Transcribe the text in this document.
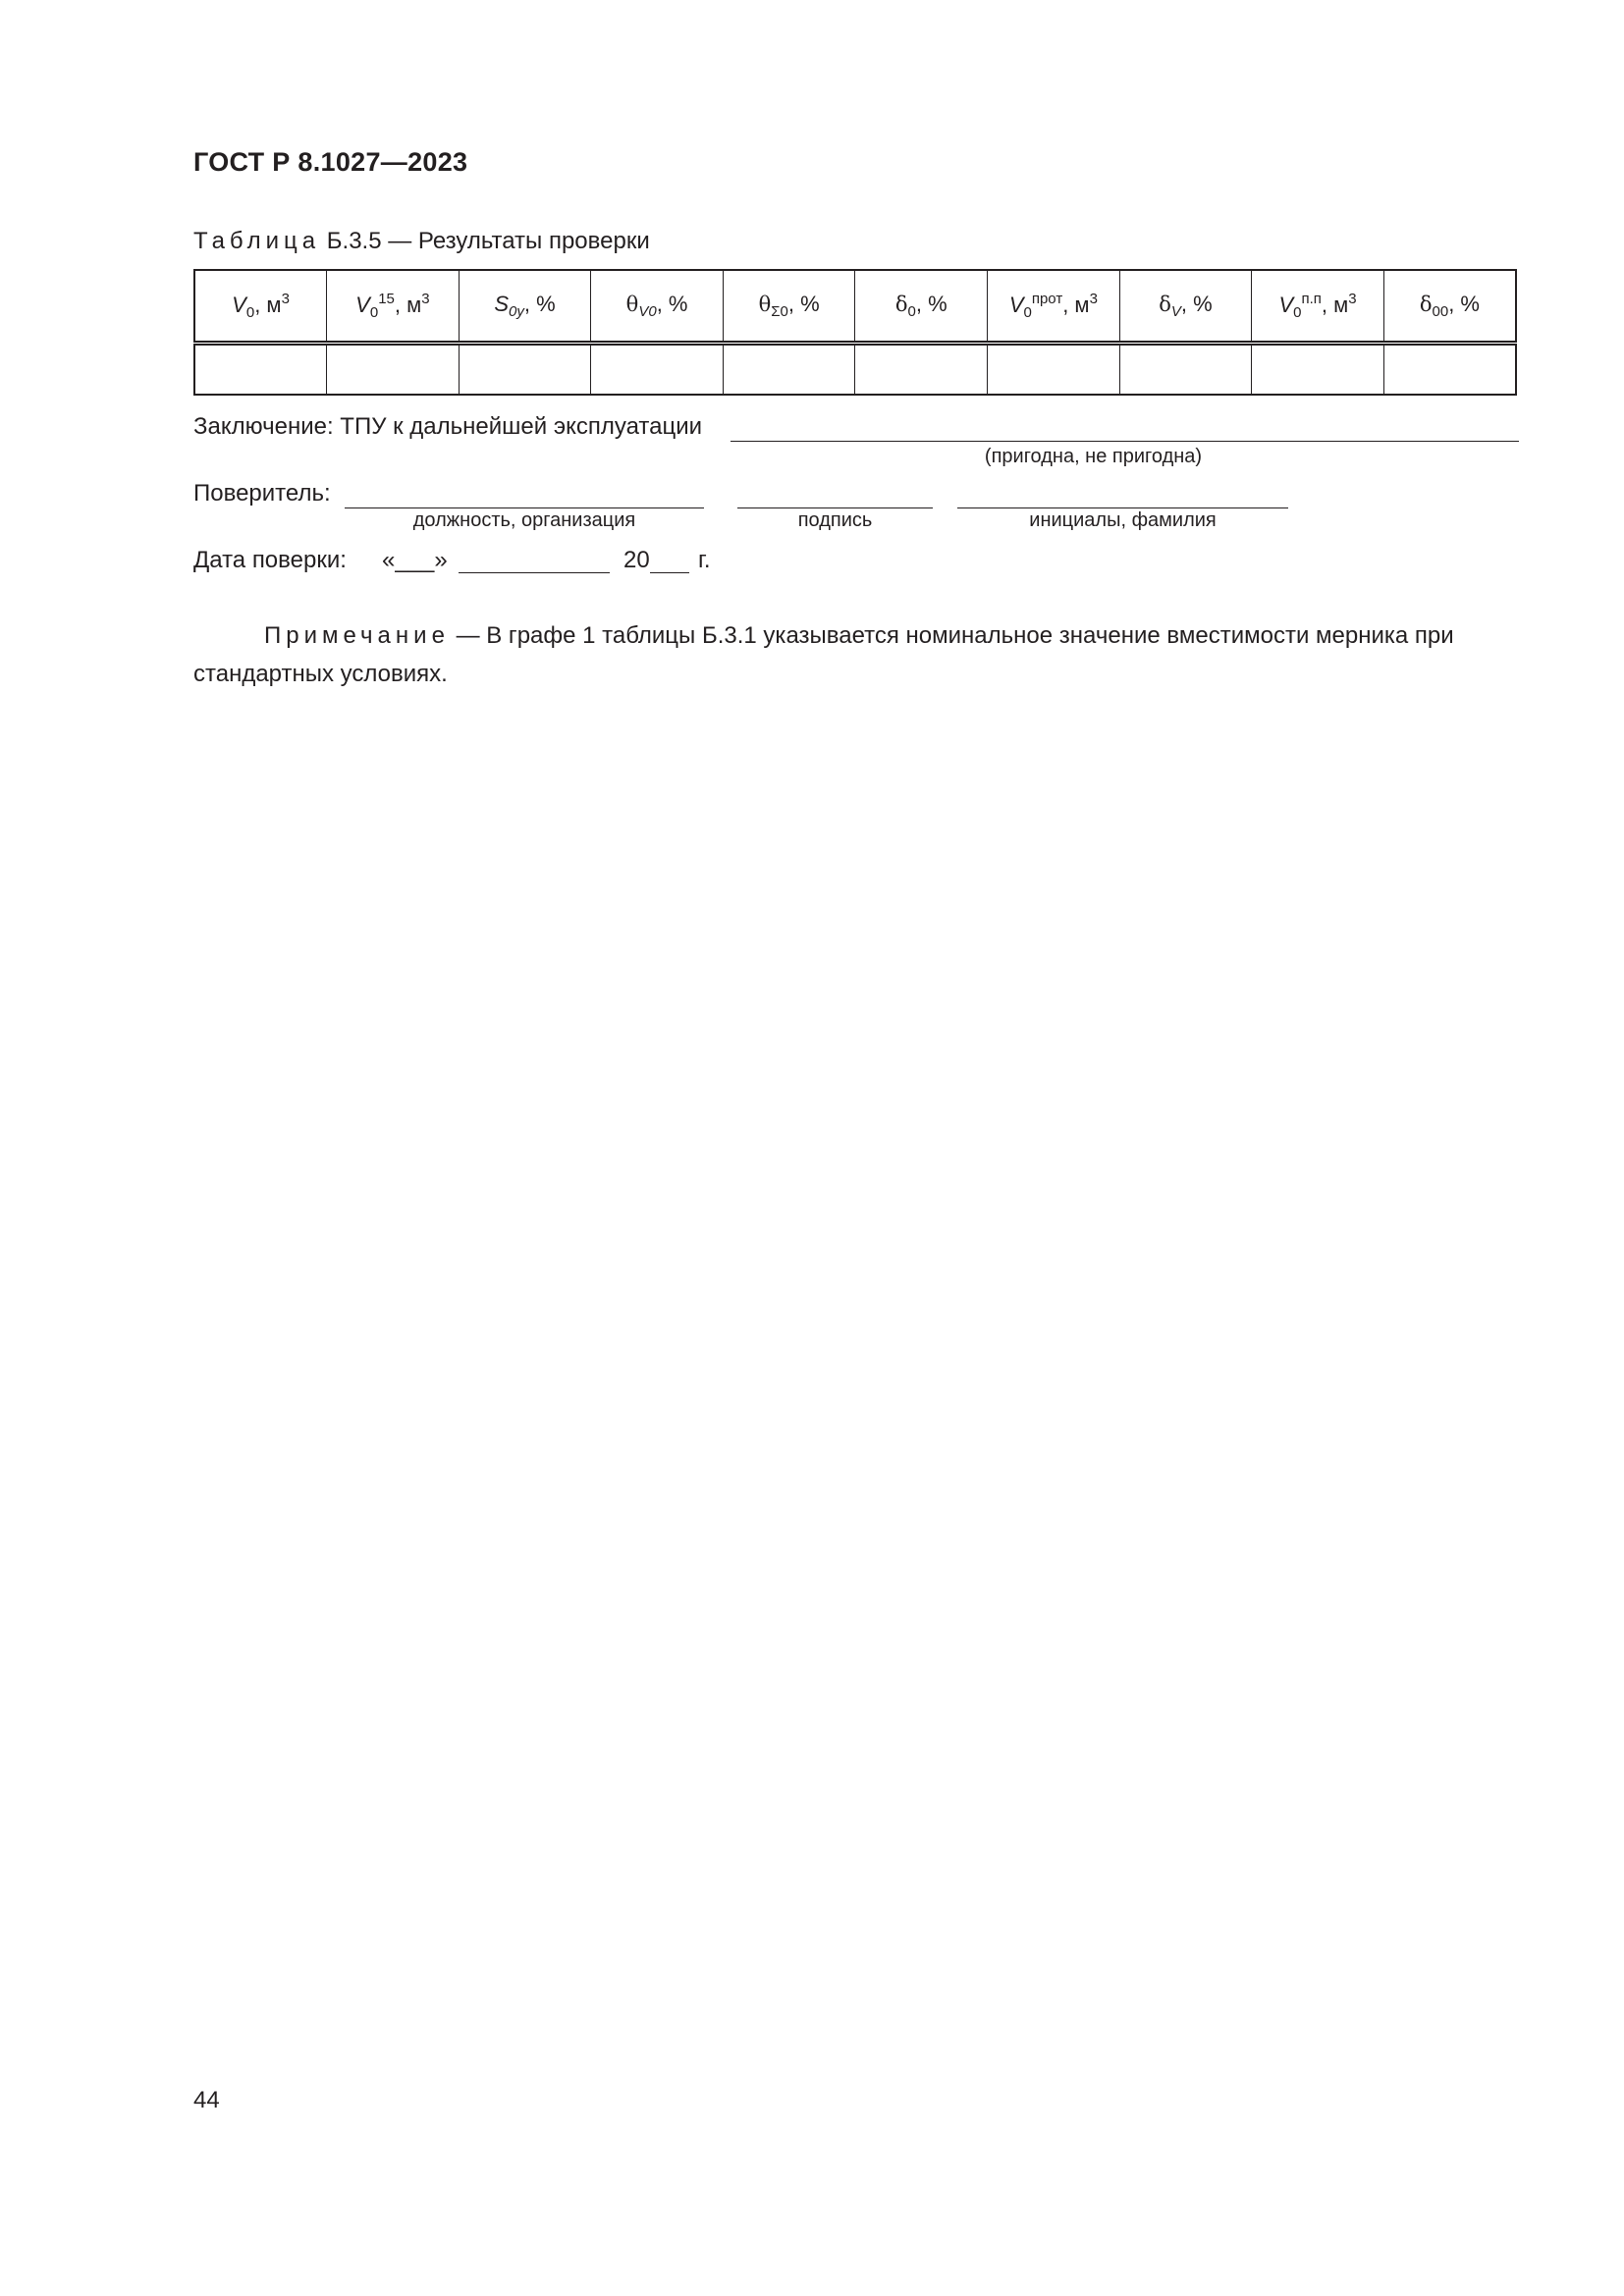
ГОСТ Р 8.1027—2023
Таблица Б.3.5 — Результаты проверки
$V_0$, $м^3$	$V_0^{15}$, $м^3$	$S_{0y}$, %	$\theta_{V0}$, %	$\theta_{\Sigma 0}$, %	$\delta_0$, %	$V_0^{прот}$, $м^3$	$\delta_V$, %	$V_0^{п.п}$, $м^3$	$\delta_{00}$, %

Заключение: ТПУ к дальнейшей эксплуатации
(пригодна, не пригодна)
Поверитель:
должность, организация	подпись	инициалы, фамилия
Дата поверки: «___»	20 г.
Примечание — В графе 1 таблицы Б.3.1 указывается номинальное значение вместимости мерника при стандартных условиях.
44
